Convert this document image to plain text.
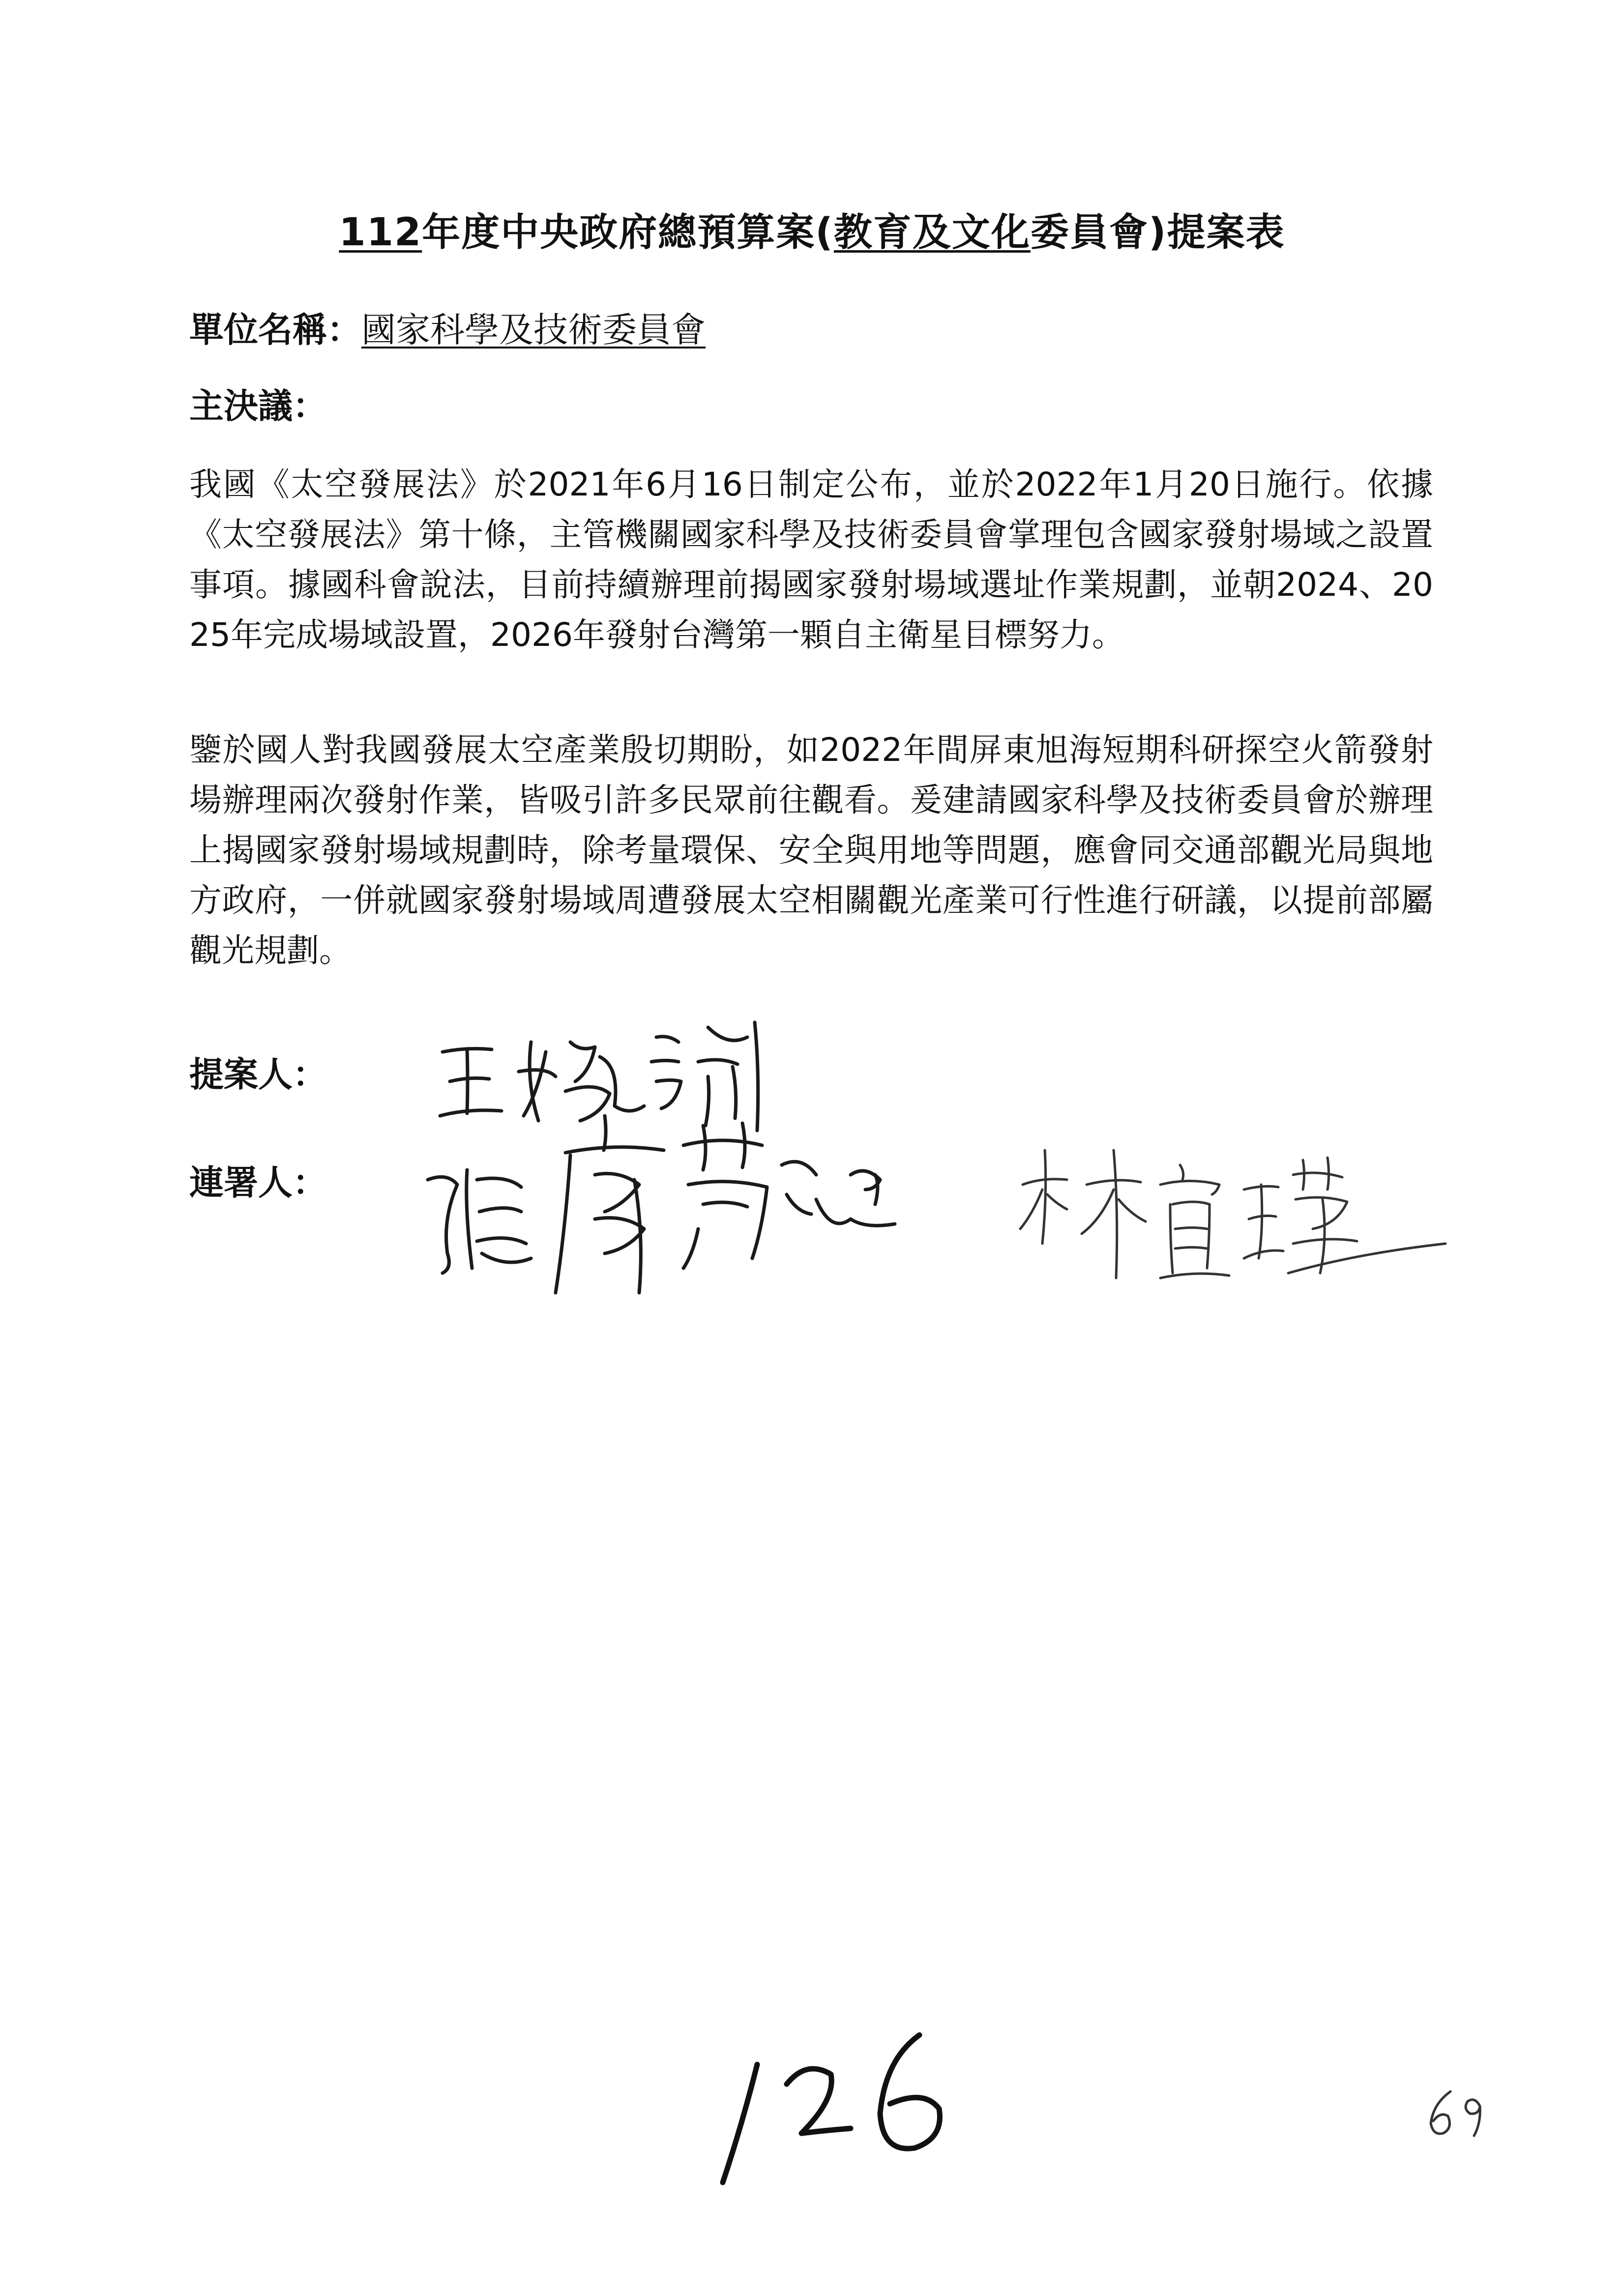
112年度中央政府總預算案(教育及文化委員會)提案表
單位名稱：國家科學及技術委員會
主決議：
我國《太空發展法》於2021年6月16日制定公布，並於2022年1月20日施行。依據《太空發展法》第十條，主管機關國家科學及技術委員會掌理包含國家發射場域之設置事項。據國科會說法，目前持續辦理前揭國家發射場域選址作業規劃，並朝2024、2025年完成場域設置，2026年發射台灣第一顆自主衛星目標努力。
鑒於國人對我國發展太空產業殷切期盼，如2022年間屏東旭海短期科研探空火箭發射場辦理兩次發射作業，皆吸引許多民眾前往觀看。爰建請國家科學及技術委員會於辦理上揭國家發射場域規劃時，除考量環保、安全與用地等問題，應會同交通部觀光局與地方政府，一併就國家發射場域周遭發展太空相關觀光產業可行性進行研議，以提前部屬觀光規劃。
提案人：
連署人：
